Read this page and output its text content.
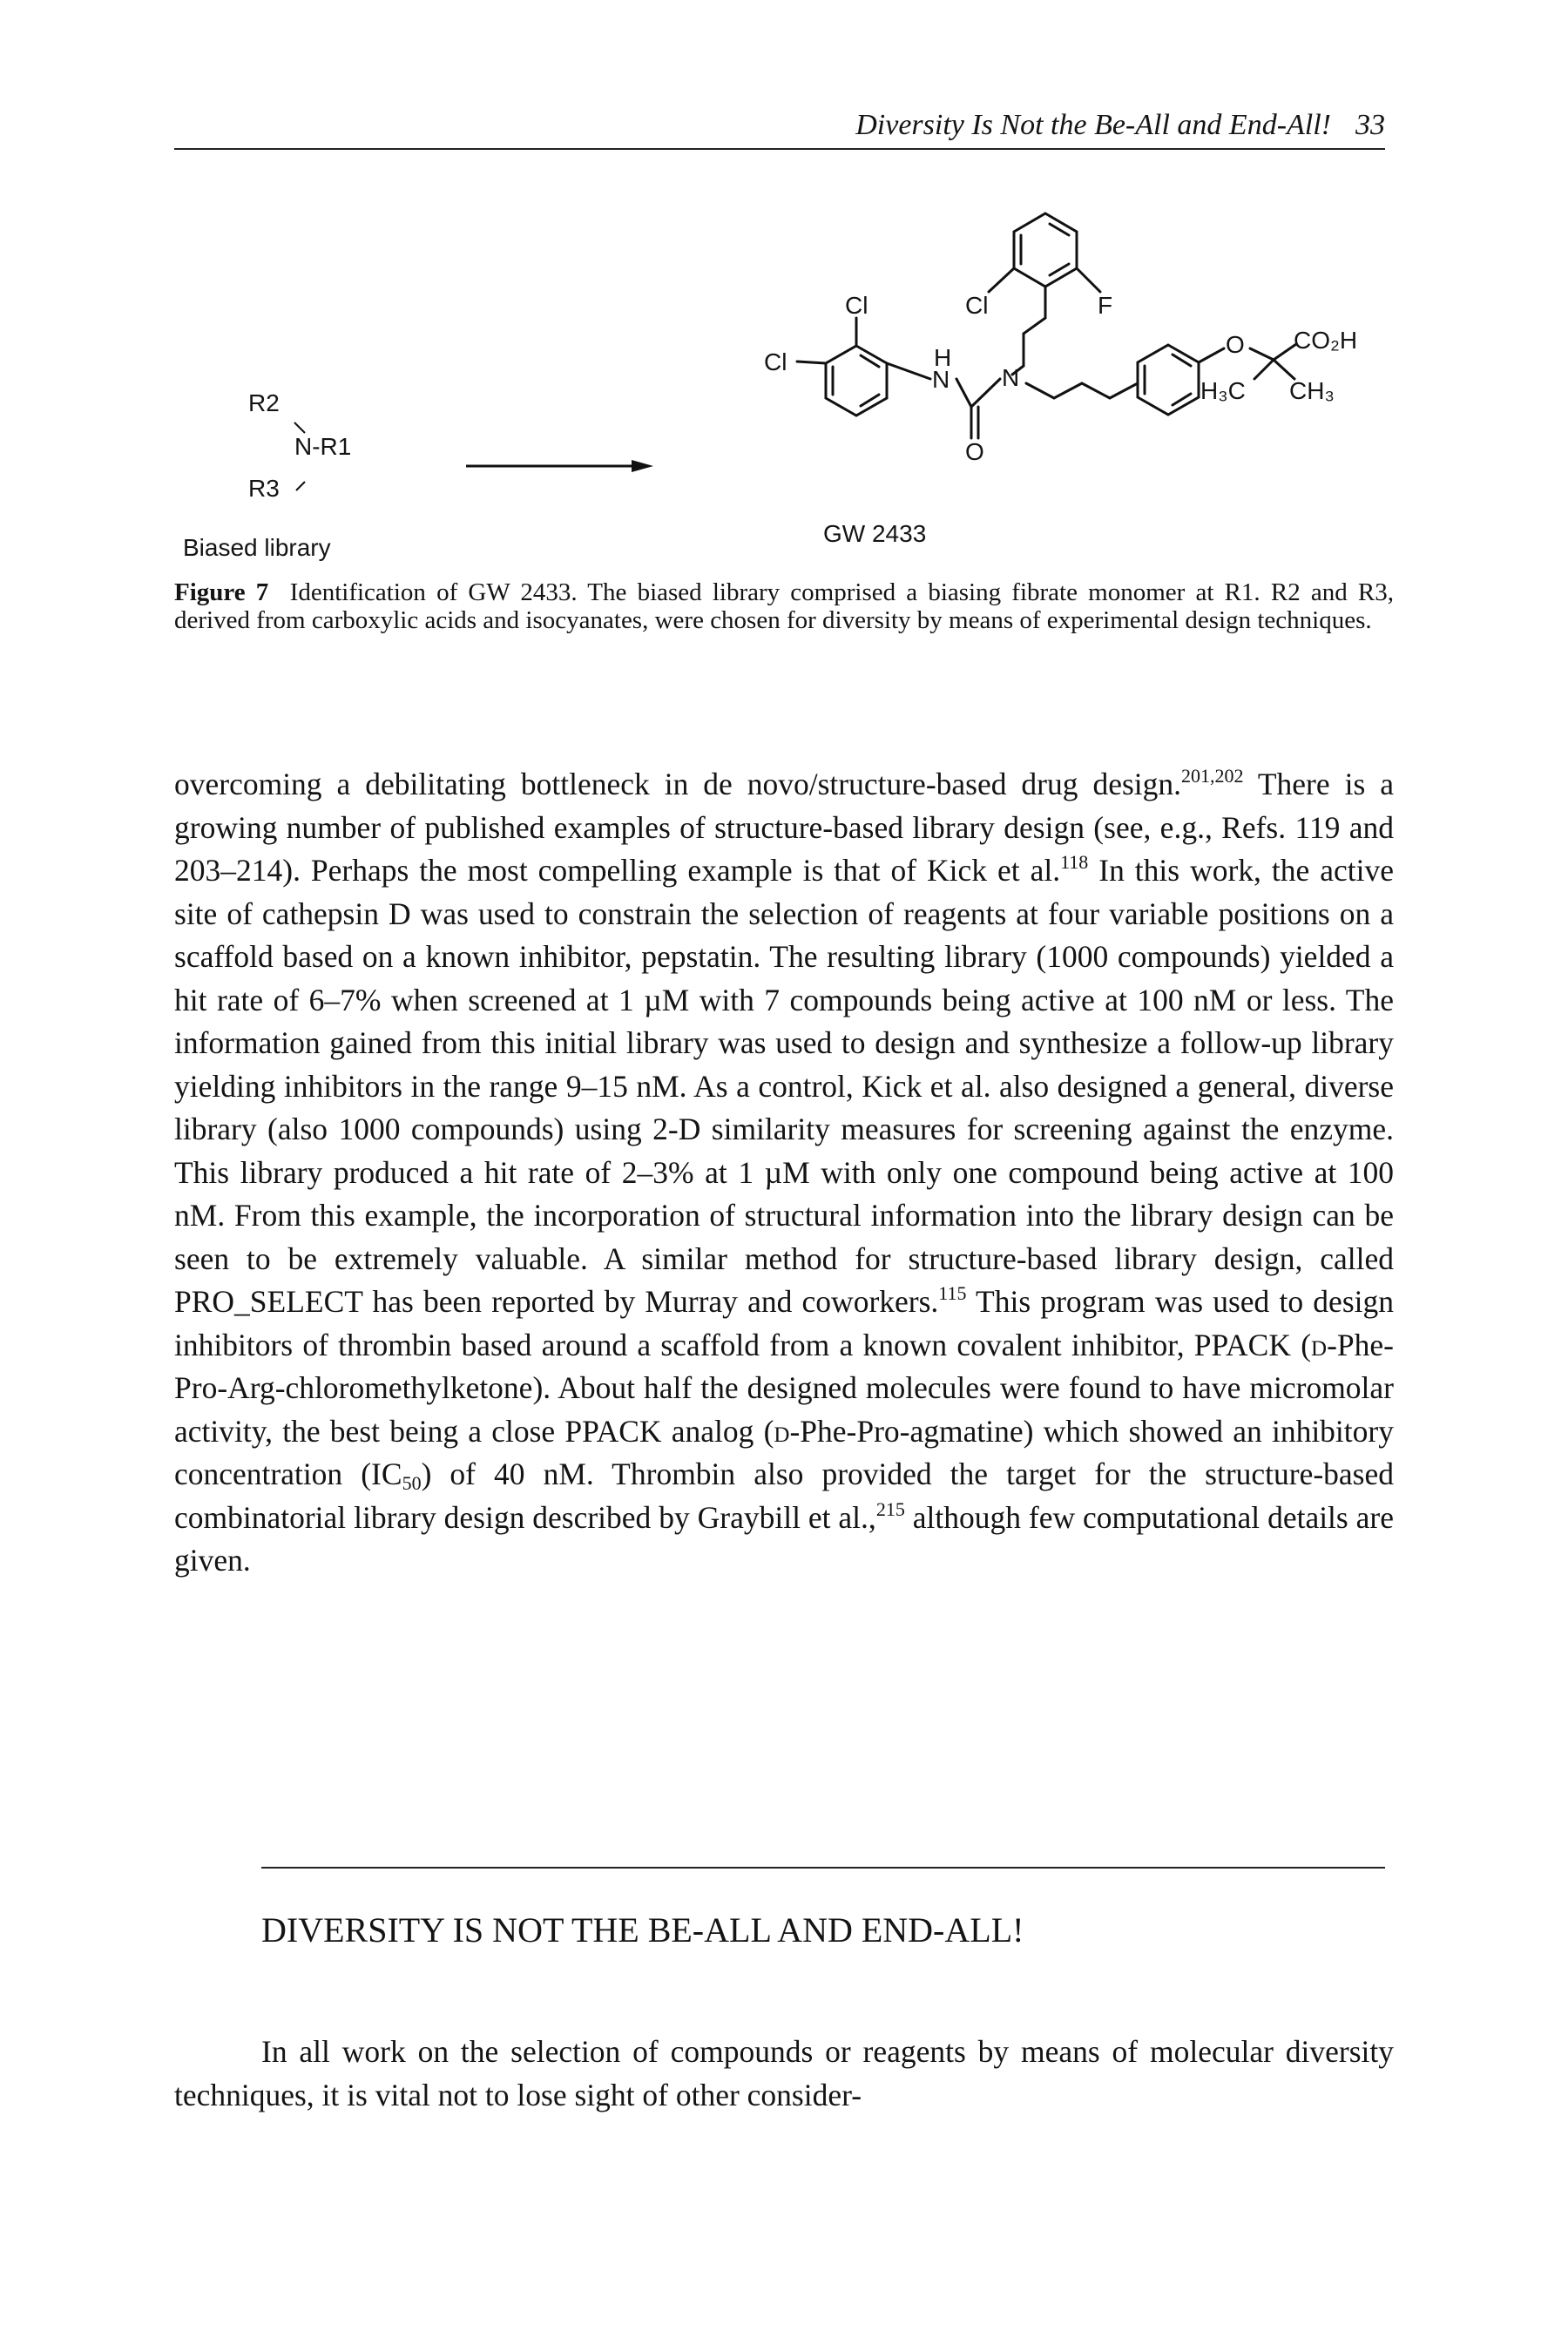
Diversity Is Not the Be-All and End-All! 33
R2
N-R1
R3
Biased library
GW 2433
Cl	F
Cl
Cl	H
N N
O
O CO₂H
H₃C CH₃
Figure 7 Identification of GW 2433. The biased library comprised a biasing fibrate monomer at R1. R2 and R3, derived from carboxylic acids and isocyanates, were chosen for diversity by means of experimental design techniques.
overcoming a debilitating bottleneck in de novo/structure-based drug design.$^{201,202}$ There is a growing number of published examples of structure-based library design (see, e.g., Refs. 119 and 203–214). Perhaps the most compelling example is that of Kick et al.$^{118}$ In this work, the active site of cathepsin D was used to constrain the selection of reagents at four variable positions on a scaffold based on a known inhibitor, pepstatin. The resulting library (1000 compounds) yielded a hit rate of 6–7% when screened at 1 µM with 7 compounds being active at 100 nM or less. The information gained from this initial library was used to design and synthesize a follow-up library yielding inhibitors in the range 9–15 nM. As a control, Kick et al. also designed a general, diverse library (also 1000 compounds) using 2-D similarity measures for screening against the enzyme. This library produced a hit rate of 2–3% at 1 µM with only one compound being active at 100 nM. From this example, the incorporation of structural information into the library design can be seen to be extremely valuable. A similar method for structure-based library design, called PRO_SELECT has been reported by Murray and coworkers.$^{115}$ This program was used to design inhibitors of thrombin based around a scaffold from a known covalent inhibitor, PPACK (d-Phe-Pro-Arg-chloromethylketone). About half the designed molecules were found to have micromolar activity, the best being a close PPACK analog (d-Phe-Pro-agmatine) which showed an inhibitory concentration $(IC_{50})$ of 40 nM. Thrombin also provided the target for the structure-based combinatorial library design described by Graybill et al.,$^{215}$ although few computational details are given.
DIVERSITY IS NOT THE BE-ALL AND END-ALL!

In all work on the selection of compounds or reagents by means of molecular diversity techniques, it is vital not to lose sight of other consider-
